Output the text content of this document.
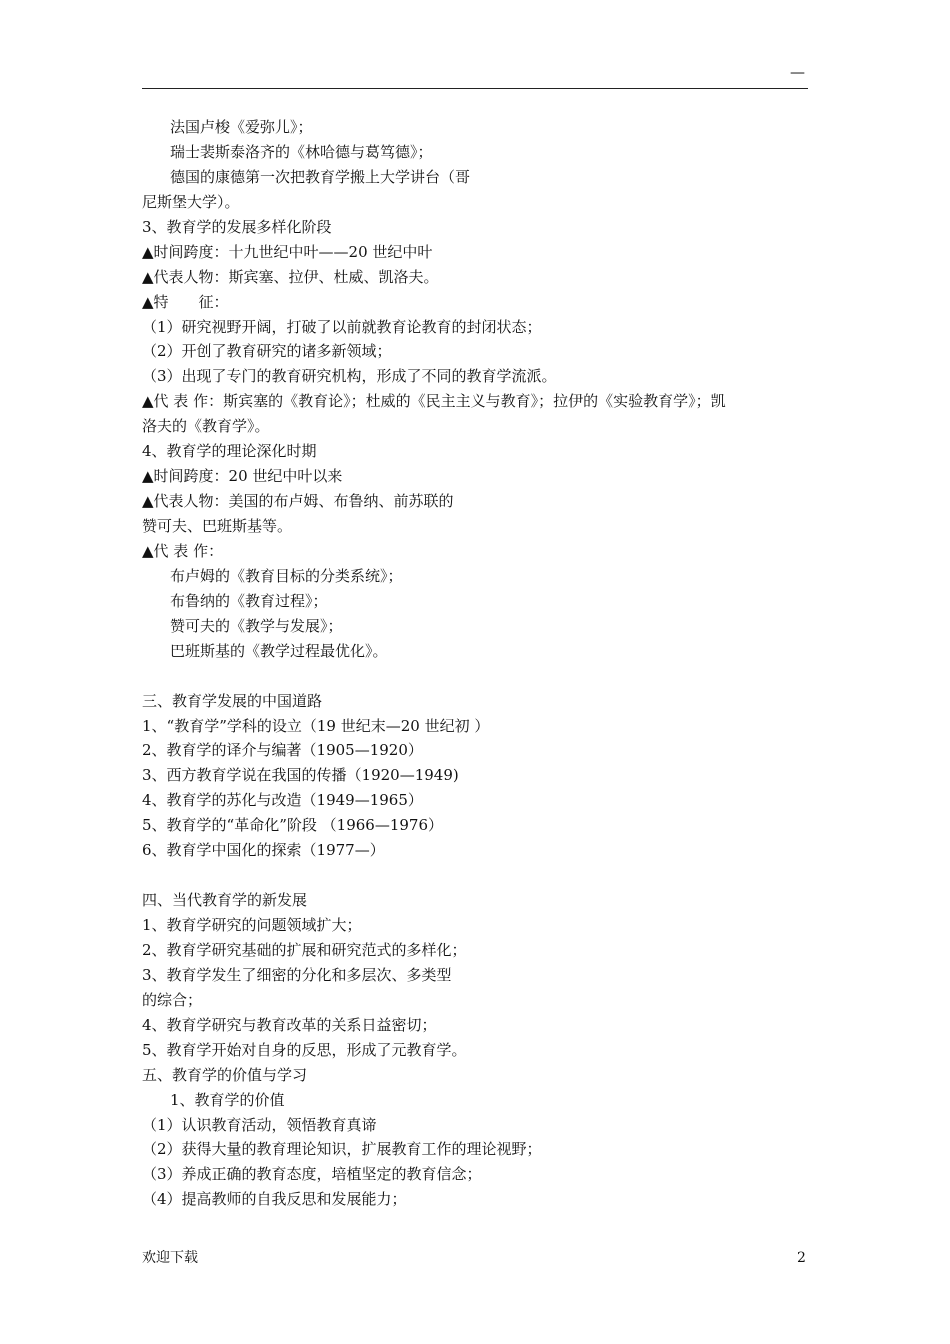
—
法国卢梭《爱弥儿》；
瑞士裴斯泰洛齐的《林哈德与葛笃德》；
德国的康德第一次把教育学搬上大学讲台（哥
尼斯堡大学）。
3、教育学的发展多样化阶段
▲时间跨度：十九世纪中叶——20 世纪中叶
▲代表人物：斯宾塞、拉伊、杜威、凯洛夫。
▲特　　征：
（1）研究视野开阔，打破了以前就教育论教育的封闭状态；
（2）开创了教育研究的诸多新领域；
（3）出现了专门的教育研究机构，形成了不同的教育学流派。
▲代 表 作：斯宾塞的《教育论》；杜威的《民主主义与教育》；拉伊的《实验教育学》；凯
洛夫的《教育学》。
4、教育学的理论深化时期
▲时间跨度：20 世纪中叶以来
▲代表人物：美国的布卢姆、布鲁纳、前苏联的
赞可夫、巴班斯基等。
▲代 表 作：
布卢姆的《教育目标的分类系统》；
布鲁纳的《教育过程》；
赞可夫的《教学与发展》；
巴班斯基的《教学过程最优化》。
三、教育学发展的中国道路
1、“教育学”学科的设立（19 世纪末—20 世纪初 ）
2、教育学的译介与编著（1905—1920）
3、西方教育学说在我国的传播（1920—1949)
4、教育学的苏化与改造（1949—1965）
5、教育学的“革命化”阶段 （1966—1976）
6、教育学中国化的探索（1977—）
四、当代教育学的新发展
1、教育学研究的问题领域扩大；
2、教育学研究基础的扩展和研究范式的多样化；
3、教育学发生了细密的分化和多层次、多类型
的综合；
4、教育学研究与教育改革的关系日益密切；
5、教育学开始对自身的反思，形成了元教育学。
五、教育学的价值与学习
1、教育学的价值
（1）认识教育活动，领悟教育真谛
（2）获得大量的教育理论知识，扩展教育工作的理论视野；
（3）养成正确的教育态度，培植坚定的教育信念；
（4）提高教师的自我反思和发展能力；
欢迎下载	2
